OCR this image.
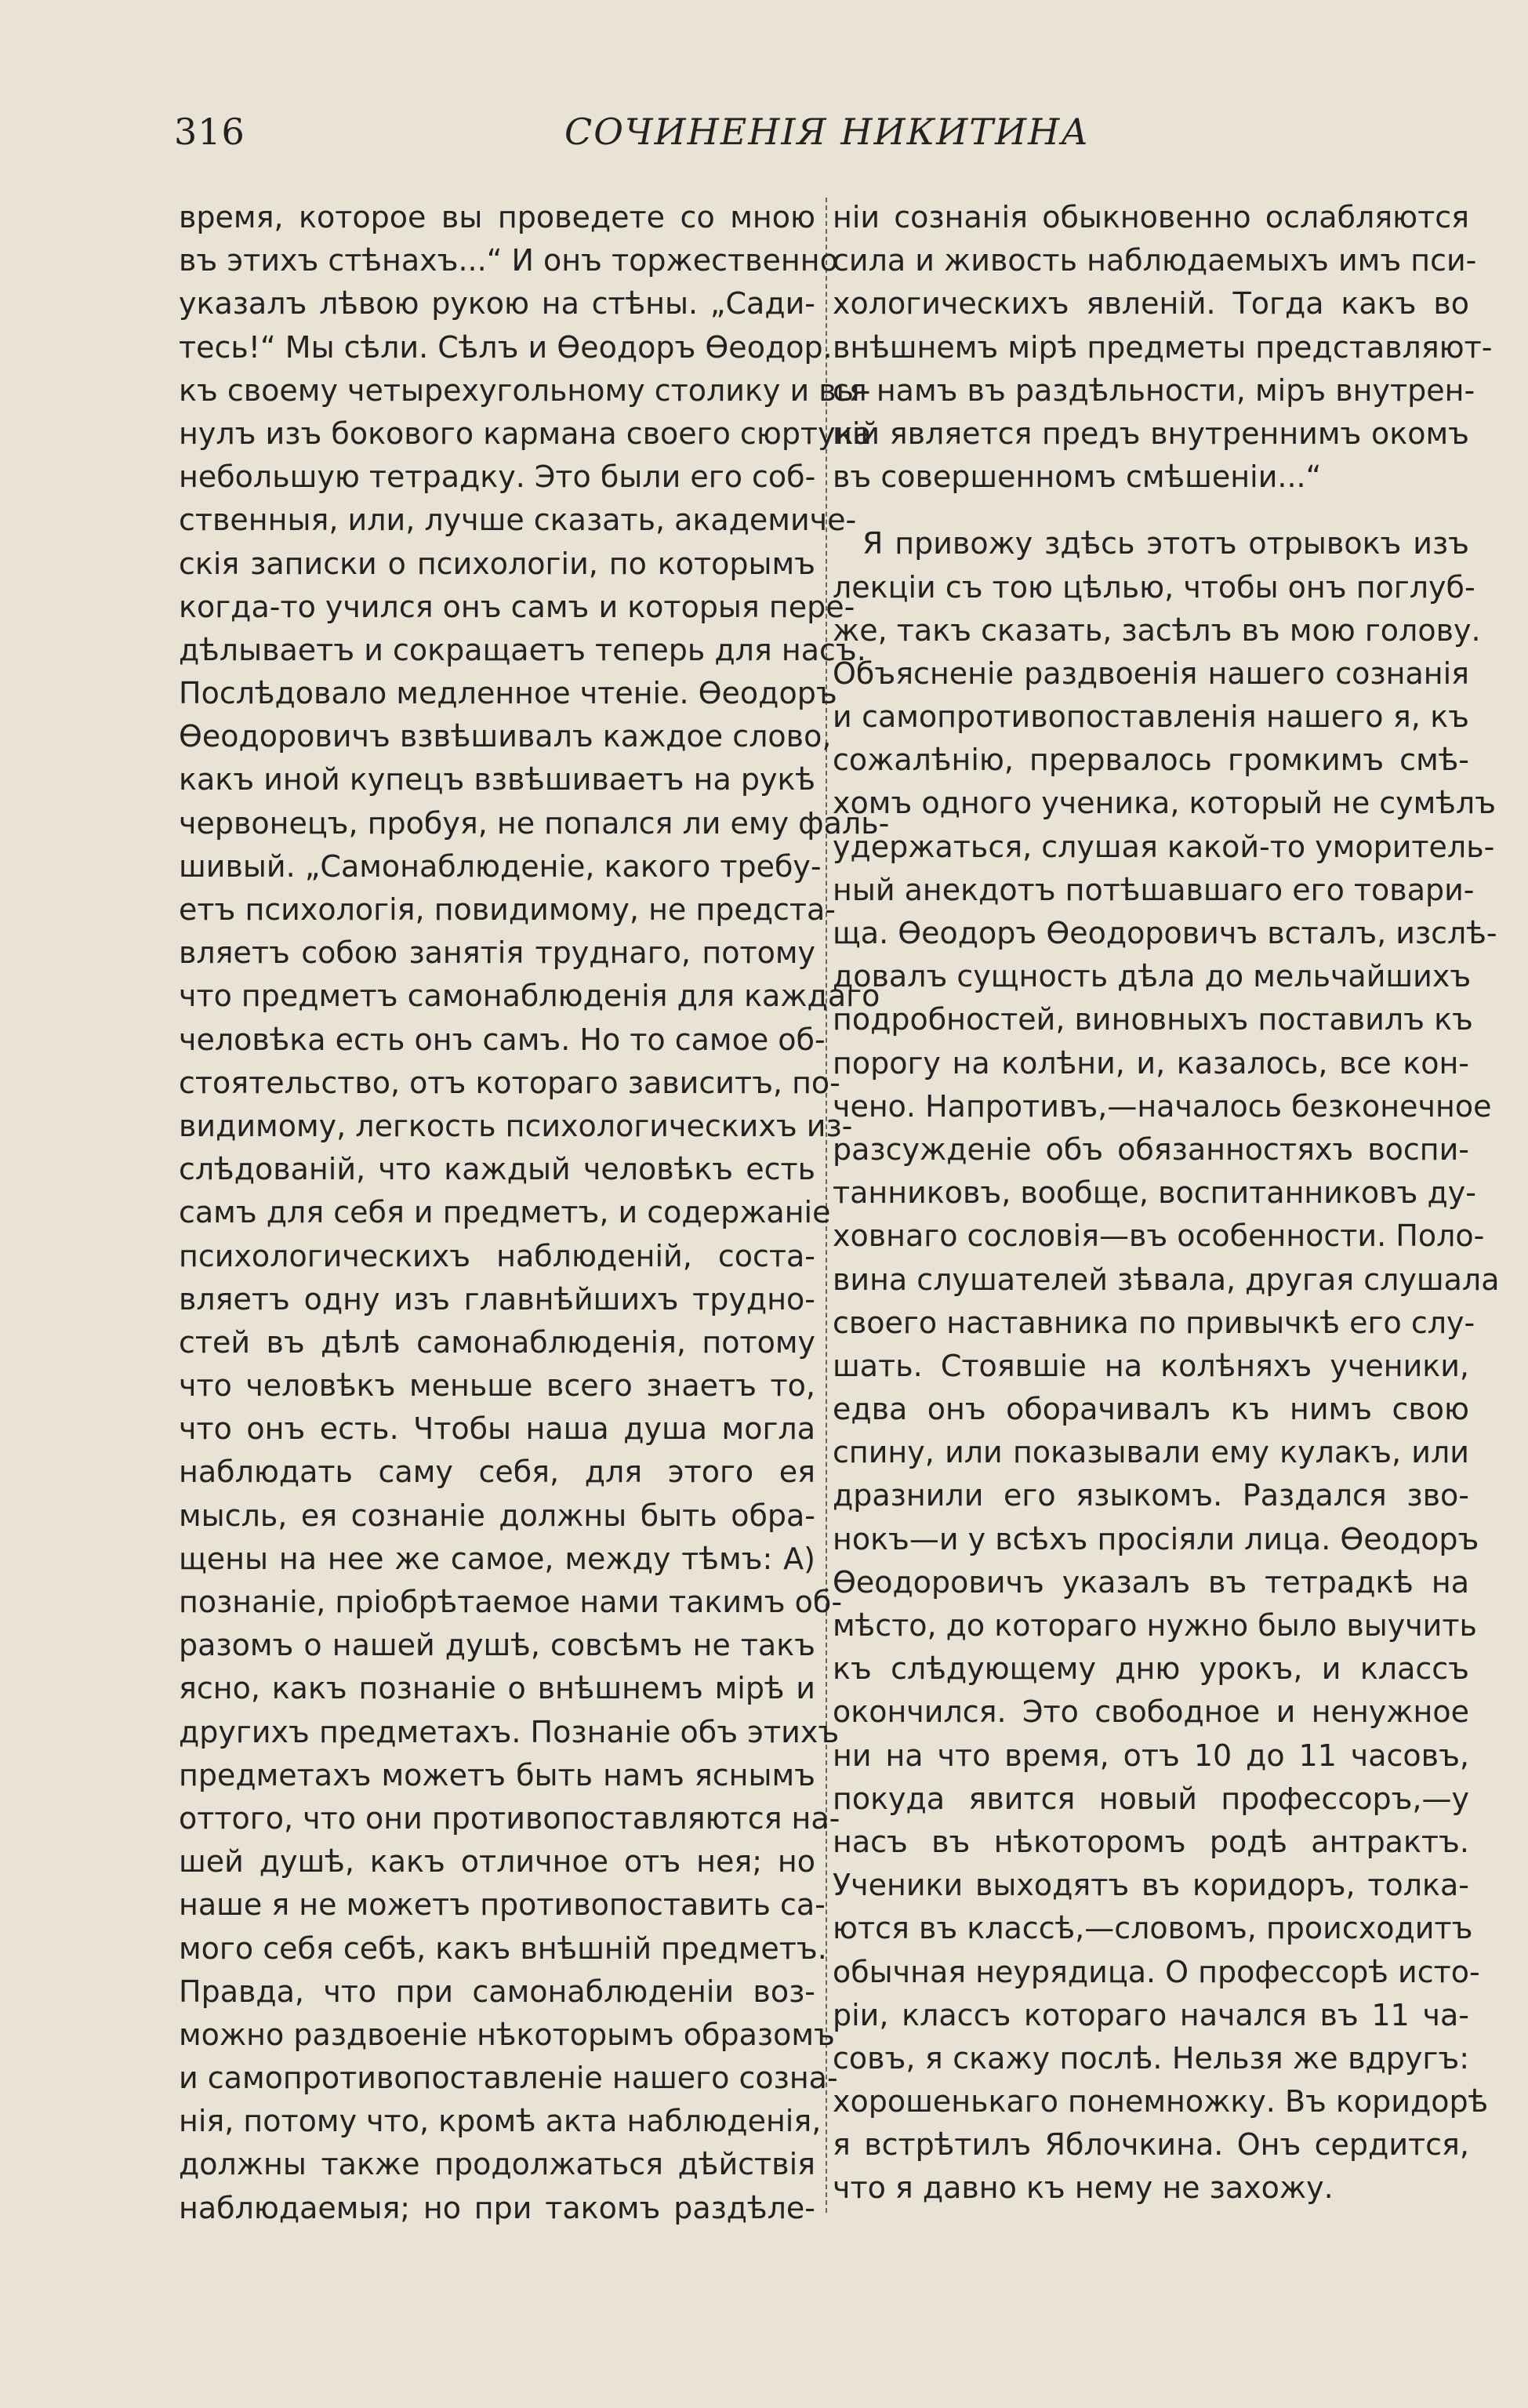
316	СОЧИНЕНІЯ НИКИТИНА
время, которое вы проведете со мною
въ этихъ стѣнахъ...“ И онъ торжественно
указалъ лѣвою рукою на стѣны. „Сади-
тесь!“ Мы сѣли. Сѣлъ и Өеодоръ Өеодор.
къ своему четырехугольному столику и вы-
нулъ изъ бокового кармана своего сюртука
небольшую тетрадку. Это были его соб-
ственныя, или, лучше сказать, академиче-
скія записки о психологіи, по которымъ
когда-то учился онъ самъ и которыя пере-
дѣлываетъ и сокращаетъ теперь для насъ.
Послѣдовало медленное чтеніе. Өеодоръ
Өеодоровичъ взвѣшивалъ каждое слово,
какъ иной купецъ взвѣшиваетъ на рукѣ
червонецъ, пробуя, не попался ли ему фаль-
шивый. „Самонаблюденіе, какого требу-
етъ психологія, повидимому, не предста-
вляетъ собою занятія труднаго, потому
что предметъ самонаблюденія для каждаго
человѣка есть онъ самъ. Но то самое об-
стоятельство, отъ котораго зависитъ, по-
видимому, легкость психологическихъ из-
слѣдованій, что каждый человѣкъ есть
самъ для себя и предметъ, и содержаніе
психологическихъ наблюденій, соста-
вляетъ одну изъ главнѣйшихъ трудно-
стей въ дѣлѣ самонаблюденія, потому
что человѣкъ меньше всего знаетъ то,
что онъ есть. Чтобы наша душа могла
наблюдать саму себя, для этого ея
мысль, ея сознаніе должны быть обра-
щены на нее же самое, между тѣмъ: А)
познаніе, пріобрѣтаемое нами такимъ об-
разомъ о нашей душѣ, совсѣмъ не такъ
ясно, какъ познаніе о внѣшнемъ мірѣ и
другихъ предметахъ. Познаніе объ этихъ
предметахъ можетъ быть намъ яснымъ
оттого, что они противопоставляются на-
шей душѣ, какъ отличное отъ нея; но
наше я не можетъ противопоставить са-
мого себя себѣ, какъ внѣшній предметъ.
Правда, что при самонаблюденіи воз-
можно раздвоеніе нѣкоторымъ образомъ
и самопротивопоставленіе нашего созна-
нія, потому что, кромѣ акта наблюденія,
должны также продолжаться дѣйствія
наблюдаемыя; но при такомъ раздѣле-
ніи сознанія обыкновенно ослабляются
сила и живость наблюдаемыхъ имъ пси-
хологическихъ явленій. Тогда какъ во
внѣшнемъ мірѣ предметы представляют-
ся намъ въ раздѣльности, міръ внутрен-
ній является предъ внутреннимъ окомъ
въ совершенномъ смѣшеніи...“
Я привожу здѣсь этотъ отрывокъ изъ
лекціи съ тою цѣлью, чтобы онъ поглуб-
же, такъ сказать, засѣлъ въ мою голову.
Объясненіе раздвоенія нашего сознанія
и самопротивопоставленія нашего я, къ
сожалѣнію, прервалось громкимъ смѣ-
хомъ одного ученика, который не сумѣлъ
удержаться, слушая какой-то уморитель-
ный анекдотъ потѣшавшаго его товари-
ща. Өеодоръ Өеодоровичъ всталъ, изслѣ-
довалъ сущность дѣла до мельчайшихъ
подробностей, виновныхъ поставилъ къ
порогу на колѣни, и, казалось, все кон-
чено. Напротивъ,—началось безконечное
разсужденіе объ обязанностяхъ воспи-
танниковъ, вообще, воспитанниковъ ду-
ховнаго сословія—въ особенности. Поло-
вина слушателей зѣвала, другая слушала
своего наставника по привычкѣ его слу-
шать. Стоявшіе на колѣняхъ ученики,
едва онъ оборачивалъ къ нимъ свою
спину, или показывали ему кулакъ, или
дразнили его языкомъ. Раздался зво-
нокъ—и у всѣхъ просіяли лица. Өеодоръ
Өеодоровичъ указалъ въ тетрадкѣ на
мѣсто, до котораго нужно было выучить
къ слѣдующему дню урокъ, и классъ
окончился. Это свободное и ненужное
ни на что время, отъ 10 до 11 часовъ,
покуда явится новый профессоръ,—у
насъ въ нѣкоторомъ родѣ антрактъ.
Ученики выходятъ въ коридоръ, толка-
ются въ классѣ,—словомъ, происходитъ
обычная неурядица. О профессорѣ исто-
ріи, классъ котораго начался въ 11 ча-
совъ, я скажу послѣ. Нельзя же вдругъ:
хорошенькаго понемножку. Въ коридорѣ
я встрѣтилъ Яблочкина. Онъ сердится,
что я давно къ нему не захожу.
